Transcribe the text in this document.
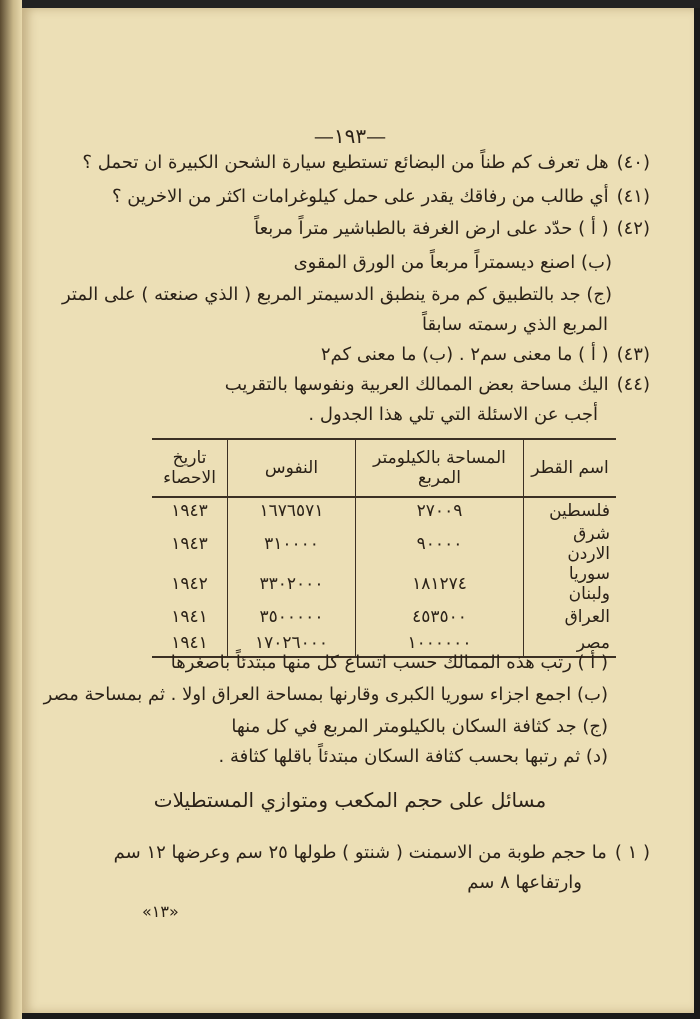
—١٩٣—
(٤٠)هل تعرف كم طناً من البضائع تستطيع سيارة الشحن الكبيرة ان تحمل ؟
(٤١)أي طالب من رفاقك يقدر على حمل كيلوغرامات اكثر من الاخرين ؟
(٤٢)( أ ) حدّد على ارض الغرفة بالطباشير متراً مربعاً
(ب) اصنع ديسمتراً مربعاً من الورق المقوى
(ج) جد بالتطبيق كم مرة ينطبق الدسيمتر المربع ( الذي صنعته ) على المتر
المربع الذي رسمته سابقاً
(٤٣)( أ ) ما معنى سم٢ . (ب) ما معنى كم٢
(٤٤)اليك مساحة بعض الممالك العربية ونفوسها بالتقريب
أجب عن الاسئلة التي تلي هذا الجدول .
اسم القطر	المساحة بالكيلومتر المربع	النفوس	تاريخ الاحصاء
فلسطين	٢٧٠٠٩	١٦٧٦٥٧١	١٩٤٣
شرق الاردن	٩٠٠٠٠	٣١٠٠٠٠	١٩٤٣
سوريا ولبنان	١٨١٢٧٤	٣٣٠٢٠٠٠	١٩٤٢
العراق	٤٥٣٥٠٠	٣٥٠٠٠٠٠	١٩٤١
مصر	١٠٠٠٠٠٠	١٧٠٢٦٠٠٠	١٩٤١
( أ ) رتب هذه الممالك حسب اتساع كل منها مبتدئاً باصغرها
(ب) اجمع اجزاء سوريا الكبرى وقارنها بمساحة العراق اولا . ثم بمساحة مصر
(ج) جد كثافة السكان بالكيلومتر المربع في كل منها
(د) ثم رتبها بحسب كثافة السكان مبتدئاً باقلها كثافة .
مسائل على حجم المكعب ومتوازي المستطيلات
( ١ )ما حجم طوبة من الاسمنت ( شنتو ) طولها ٢٥ سم وعرضها ١٢ سم
وارتفاعها ٨ سم
«١٣»
